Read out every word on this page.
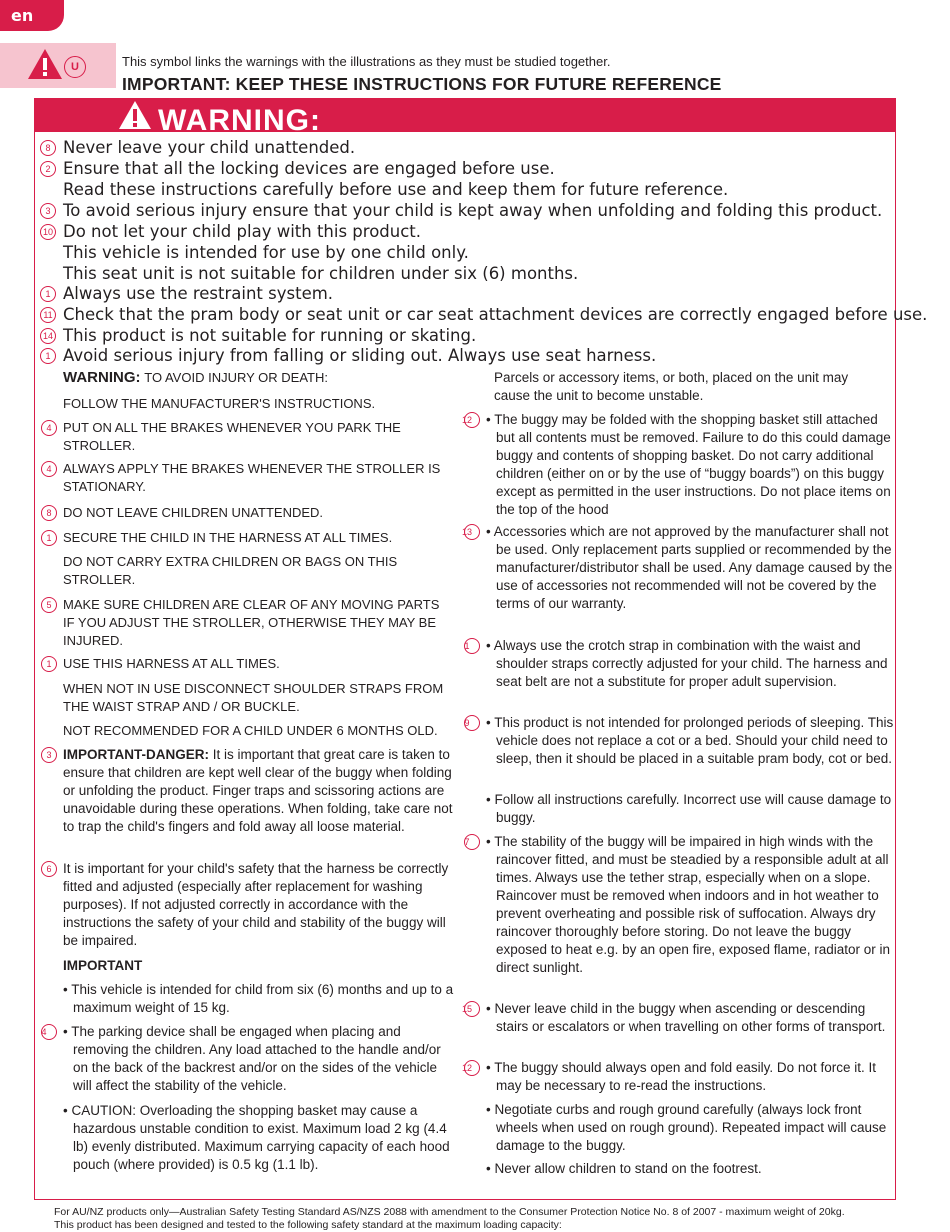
en
U	This symbol links the warnings with the illustrations as they must be studied together.
IMPORTANT: KEEP THESE INSTRUCTIONS FOR FUTURE REFERENCE
WARNING:
8 Never leave your child unattended.
2 Ensure that all the locking devices are engaged before use.
Read these instructions carefully before use and keep them for future reference.
3 To avoid serious injury ensure that your child is kept away when unfolding and folding this product.
10 Do not let your child play with this product.
This vehicle is intended for use by one child only.
This seat unit is not suitable for children under six (6) months.
1 Always use the restraint system.
11 Check that the pram body or seat unit or car seat attachment devices are correctly engaged before use.
14 This product is not suitable for running or skating.
1 Avoid serious injury from falling or sliding out. Always use seat harness.
WARNING: TO AVOID INJURY OR DEATH:
FOLLOW THE MANUFACTURER'S INSTRUCTIONS.
4 PUT ON ALL THE BRAKES WHENEVER YOU PARK THE STROLLER.
4 ALWAYS APPLY THE BRAKES WHENEVER THE STROLLER IS STATIONARY.
8 DO NOT LEAVE CHILDREN UNATTENDED.
1 SECURE THE CHILD IN THE HARNESS AT ALL TIMES.
DO NOT CARRY EXTRA CHILDREN OR BAGS ON THIS STROLLER.
5 MAKE SURE CHILDREN ARE CLEAR OF ANY MOVING PARTS IF YOU ADJUST THE STROLLER, OTHERWISE THEY MAY BE INJURED.
1 USE THIS HARNESS AT ALL TIMES.
WHEN NOT IN USE DISCONNECT SHOULDER STRAPS FROM THE WAIST STRAP AND / OR BUCKLE.
NOT RECOMMENDED FOR A CHILD UNDER 6 MONTHS OLD.
3 IMPORTANT-DANGER: It is important that great care is taken to ensure that children are kept well clear of the buggy when folding or unfolding the product. Finger traps and scissoring actions are unavoidable during these operations. When folding, take care not to trap the child's fingers and fold away all loose material.
6 It is important for your child's safety that the harness be correctly fitted and adjusted (especially after replacement for washing purposes). If not adjusted correctly in accordance with the instructions the safety of your child and stability of the buggy will be impaired.
IMPORTANT
• This vehicle is intended for child from six (6) months and up to a maximum weight of 15 kg.
4	• The parking device shall be engaged when placing and removing the children. Any load attached to the handle and/or on the back of the backrest and/or on the sides of the vehicle will affect the stability of the vehicle.
• CAUTION: Overloading the shopping basket may cause a hazardous unstable condition to exist. Maximum load 2 kg (4.4 lb) evenly distributed. Maximum carrying capacity of each hood pouch (where provided) is 0.5 kg (1.1 lb).
Parcels or accessory items, or both, placed on the unit may cause the unit to become unstable.
12	• The buggy may be folded with the shopping basket still attached but all contents must be removed. Failure to do this could damage buggy and contents of shopping basket. Do not carry additional children (either on or by the use of “buggy boards”) on this buggy except as permitted in the user instructions. Do not place items on the top of the hood
13	• Accessories which are not approved by the manufacturer shall not be used. Only replacement parts supplied or recommended by the manufacturer/distributor shall be used. Any damage caused by the use of accessories not recommended will not be covered by the terms of our warranty.
1	• Always use the crotch strap in combination with the waist and shoulder straps correctly adjusted for your child. The harness and seat belt are not a substitute for proper adult supervision.
9	• This product is not intended for prolonged periods of sleeping. This vehicle does not replace a cot or a bed. Should your child need to sleep, then it should be placed in a suitable pram body, cot or bed.
• Follow all instructions carefully. Incorrect use will cause damage to buggy.
7	• The stability of the buggy will be impaired in high winds with the raincover fitted, and must be steadied by a responsible adult at all times. Always use the tether strap, especially when on a slope. Raincover must be removed when indoors and in hot weather to prevent overheating and possible risk of suffocation. Always dry raincover thoroughly before storing. Do not leave the buggy exposed to heat e.g. by an open fire, exposed flame, radiator or in direct sunlight.
15	• Never leave child in the buggy when ascending or descending stairs or escalators or when travelling on other forms of transport.
12	• The buggy should always open and fold easily. Do not force it. It may be necessary to re-read the instructions.
• Negotiate curbs and rough ground carefully (always lock front wheels when used on rough ground). Repeated impact will cause damage to the buggy.
• Never allow children to stand on the footrest.
For AU/NZ products only—Australian Safety Testing Standard AS/NZS 2088 with amendment to the Consumer Protection Notice No. 8 of 2007 - maximum weight of 20kg.
This product has been designed and tested to the following safety standard at the maximum loading capacity:
